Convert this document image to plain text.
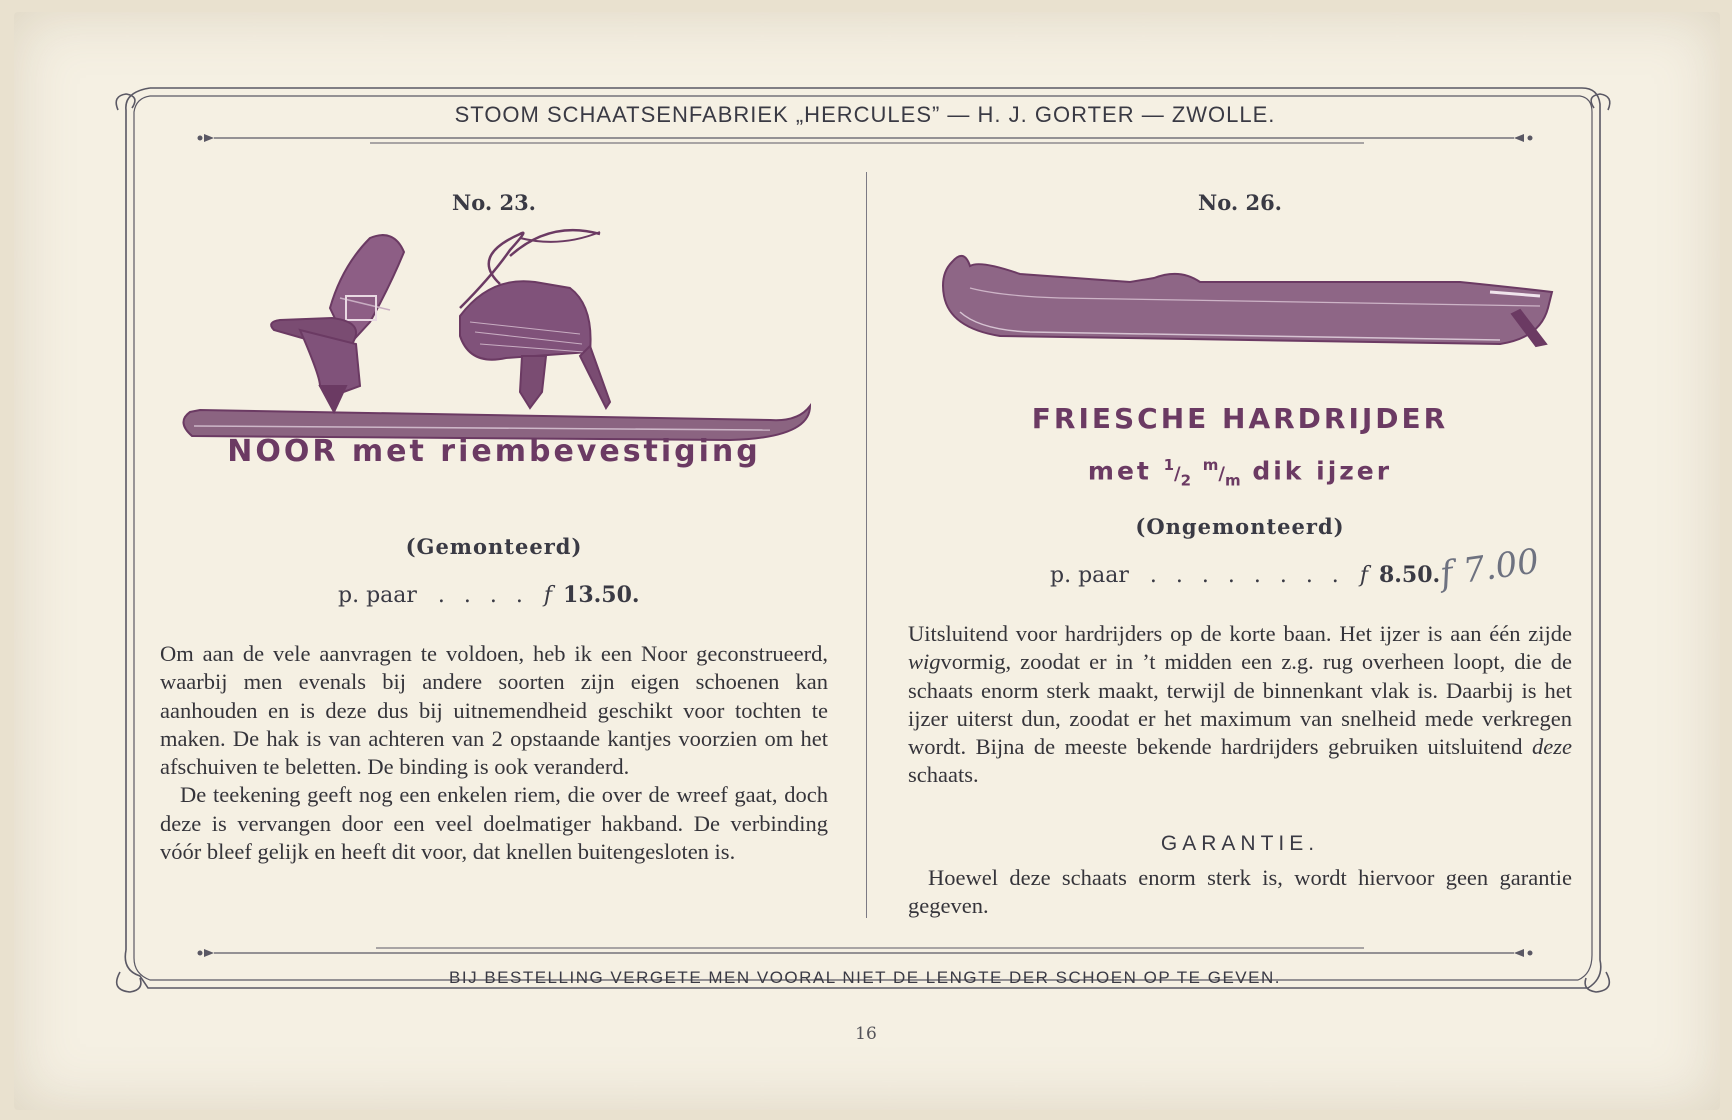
STOOM SCHAATSENFABRIEK „HERCULES” — H. J. GORTER — ZWOLLE.
No. 23.
NOOR met riembevestiging
(Gemonteerd)
p. paar . . . . f 13.50.

Om aan de vele aanvragen te voldoen, heb ik een Noor geconstrueerd, waarbij men evenals bij andere soorten zijn eigen schoenen kan aanhouden en is deze dus bij uitnemendheid geschikt voor tochten te maken. De hak is van achteren van 2 opstaande kantjes voorzien om het afschuiven te beletten. De binding is ook veranderd.

De teekening geeft nog een enkelen riem, die over de wreef gaat, doch deze is vervangen door een veel doelmatiger hakband. De verbinding vóór bleef gelijk en heeft dit voor, dat knellen buitengesloten is.

No. 26.
FRIESCHE HARDRIJDER
met $^1/_2$ $^m/_m$ dik ijzer
(Ongemonteerd)
p. paar . . . . . . . . f 8.50.
f 7.00

Uitsluitend voor hardrijders op de korte baan. Het ijzer is aan één zijde wigvormig, zoodat er in ’t midden een z.g. rug overheen loopt, die de schaats enorm sterk maakt, terwijl de binnenkant vlak is. Daarbij is het ijzer uiterst dun, zoodat er het maximum van snelheid mede verkregen wordt. Bijna de meeste bekende hardrijders gebruiken uitsluitend deze schaats.

GARANTIE.

Hoewel deze schaats enorm sterk is, wordt hiervoor geen garantie gegeven.

BIJ BESTELLING VERGETE MEN VOORAL NIET DE LENGTE DER SCHOEN OP TE GEVEN.
16
